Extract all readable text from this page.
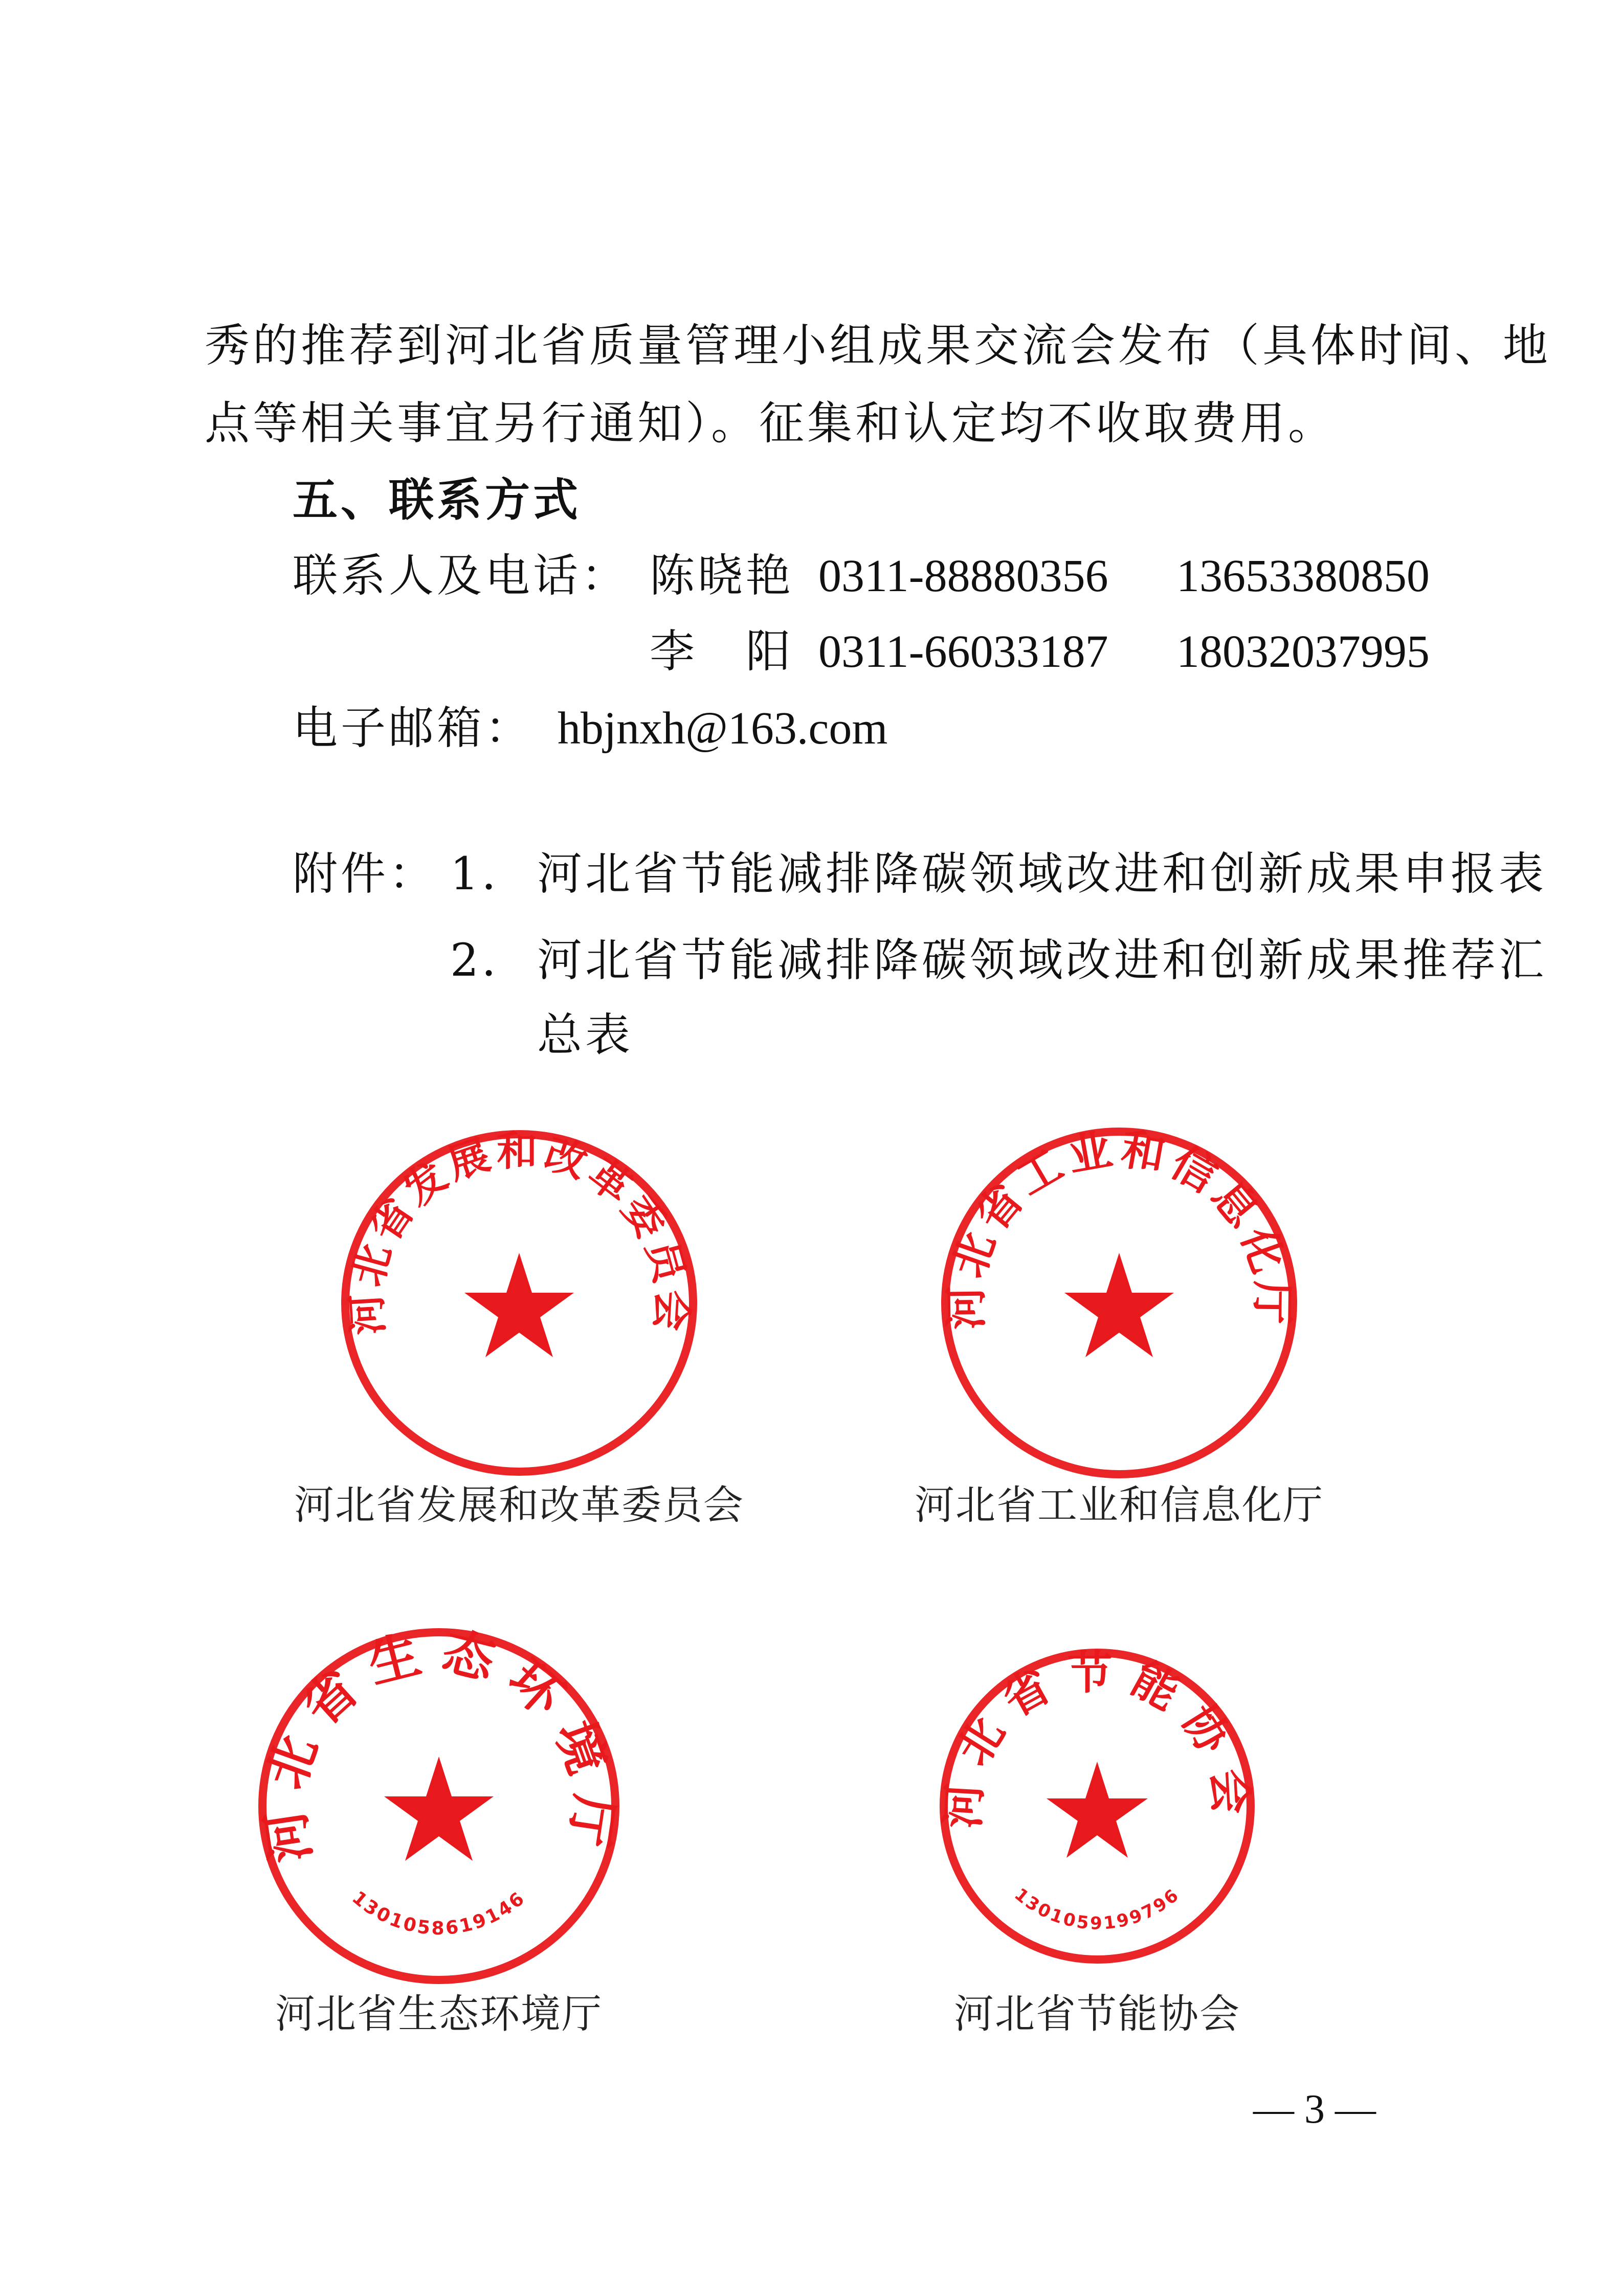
秀的推荐到河北省质量管理小组成果交流会发布（具体时间、地
点等相关事宜另行通知）。征集和认定均不收取费用。
五、联系方式
联系人及电话： 陈晓艳 0311-88880356 13653380850
李　阳 0311-66033187 18032037995
电子邮箱： hbjnxh@163.com
附件： 1． 河北省节能减排降碳领域改进和创新成果申报表
2． 河北省节能减排降碳领域改进和创新成果推荐汇
总表
河北省发展和改革委员会	河北省工业和信息化厅
河北省生态环境厅	河北省节能协会
1301058619146	1301059199796
河北省发展和改革委员会	河北省工业和信息化厅
河北省生态环境厅	河北省节能协会
— 3 —
